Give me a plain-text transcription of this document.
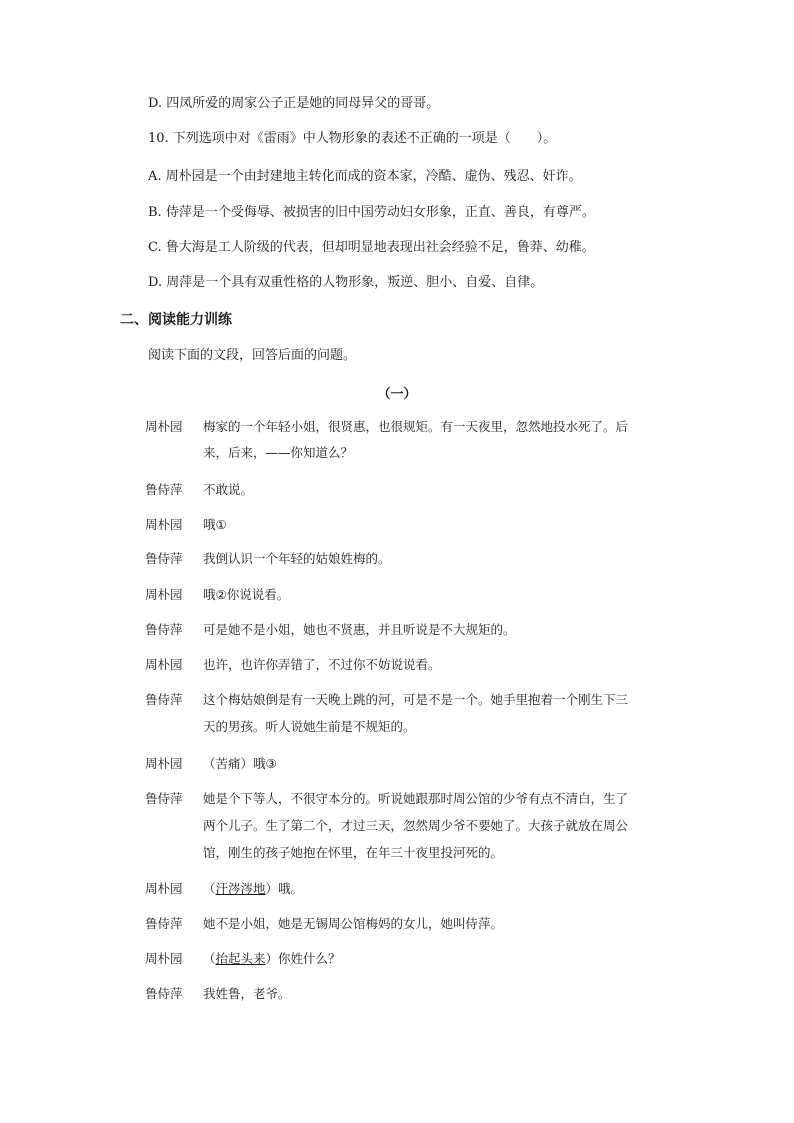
D. 四凤所爱的周家公子正是她的同母异父的哥哥。
10. 下列选项中对《雷雨》中人物形象的表述不正确的一项是（　　）。
A. 周朴园是一个由封建地主转化而成的资本家，冷酷、虚伪、残忍、奸诈。
B. 侍萍是一个受侮辱、被损害的旧中国劳动妇女形象，正直、善良，有尊严。
C. 鲁大海是工人阶级的代表，但却明显地表现出社会经验不足，鲁莽、幼稚。
D. 周萍是一个具有双重性格的人物形象，叛逆、胆小、自爱、自律。
二、阅读能力训练
阅读下面的文段，回答后面的问题。
（一）
周朴园 梅家的一个年轻小姐，很贤惠，也很规矩。有一天夜里，忽然地投水死了。后
来，后来，——你知道么？
鲁侍萍 不敢说。
周朴园 哦①
鲁侍萍 我倒认识一个年轻的姑娘姓梅的。
周朴园 哦②你说说看。
鲁侍萍 可是她不是小姐，她也不贤惠，并且听说是不大规矩的。
周朴园 也许，也许你弄错了，不过你不妨说说看。
鲁侍萍 这个梅姑娘倒是有一天晚上跳的河，可是不是一个。她手里抱着一个刚生下三
天的男孩。听人说她生前是不规矩的。
周朴园 （苦痛）哦③
鲁侍萍 她是个下等人，不很守本分的。听说她跟那时周公馆的少爷有点不清白，生了
两个儿子。生了第二个，才过三天，忽然周少爷不要她了。大孩子就放在周公
馆，刚生的孩子她抱在怀里，在年三十夜里投河死的。
周朴园 （汗涔涔地）哦。
鲁侍萍 她不是小姐，她是无锡周公馆梅妈的女儿，她叫侍萍。
周朴园 （抬起头来）你姓什么？
鲁侍萍 我姓鲁，老爷。
